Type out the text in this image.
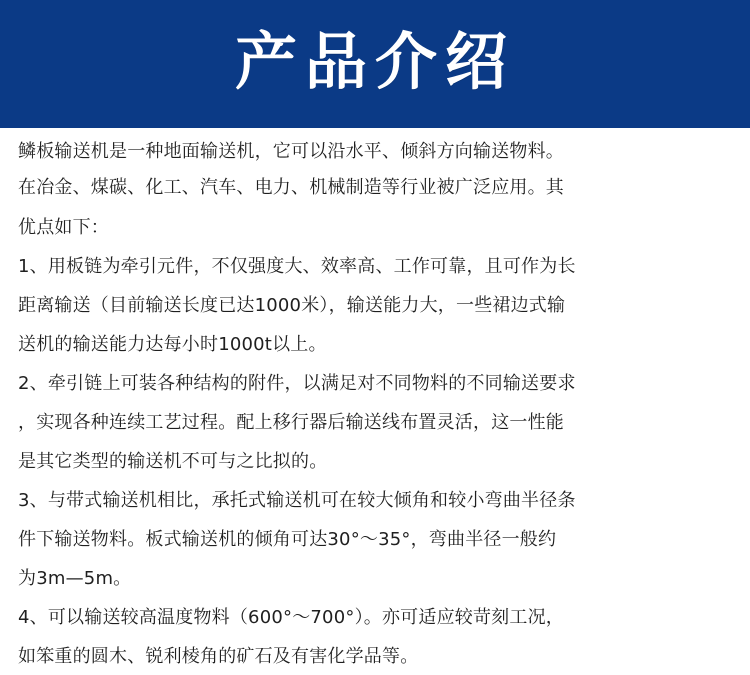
产品介绍
鳞板输送机是一种地面输送机，它可以沿水平、倾斜方向输送物料。
在冶金、煤碳、化工、汽车、电力、机械制造等行业被广泛应用。其
优点如下：
1、用板链为牵引元件，不仅强度大、效率高、工作可靠，且可作为长
距离输送（目前输送长度已达1000米），输送能力大，一些裙边式输
送机的输送能力达每小时1000t以上。
2、牵引链上可装各种结构的附件，以满足对不同物料的不同输送要求
，实现各种连续工艺过程。配上移行器后输送线布置灵活，这一性能
是其它类型的输送机不可与之比拟的。
3、与带式输送机相比，承托式输送机可在较大倾角和较小弯曲半径条
件下输送物料。板式输送机的倾角可达30°～35°，弯曲半径一般约
为3m—5m。
4、可以输送较高温度物料（600°～700°）。亦可适应较苛刻工况，
如笨重的圆木、锐利棱角的矿石及有害化学品等。
